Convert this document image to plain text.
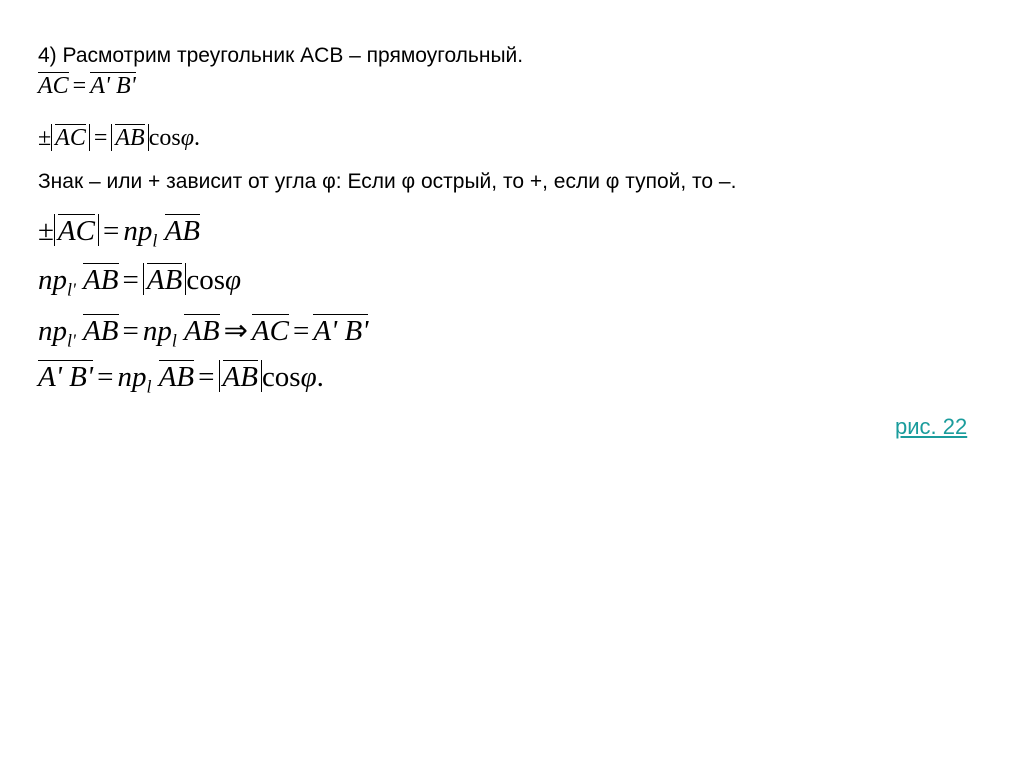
4) Расмотрим треугольник ACB – прямоугольный.
AC = A' B'
± AC = AB cosφ.
Знак – или + зависит от угла φ: Если φ острый, то +, если φ тупой, то –.
± AC = $np_l$ AB
$np_{l'}$ AB = AB cosφ
$np_{l'}$ AB = $np_l$ AB ⇒ AC = A' B'
A' $B' = np_l$ AB = AB cosφ.
рис. 22
